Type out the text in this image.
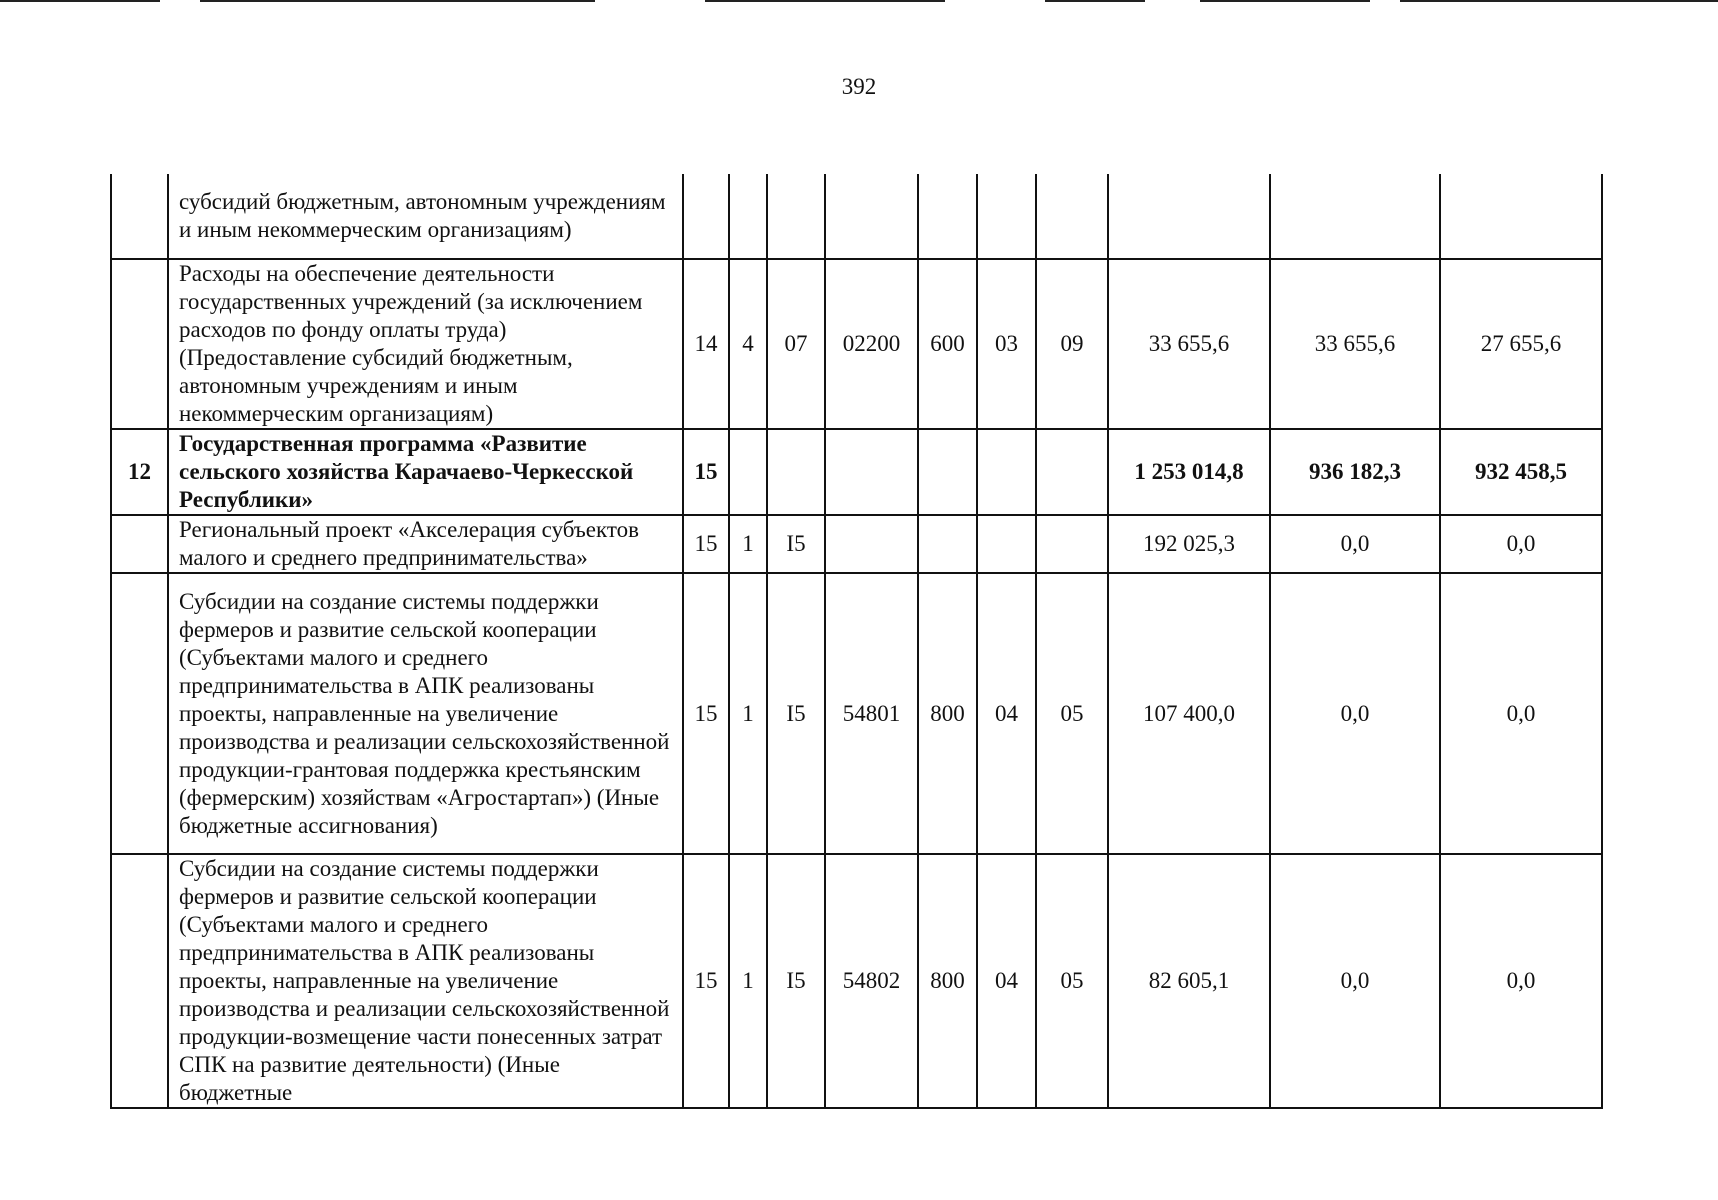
392
	субсидий бюджетным, автономным учреждениям и иным некоммерческим организациям)										
	Расходы на обеспечение деятельности государственных учреждений (за исключением расходов по фонду оплаты труда) (Предоставление субсидий бюджетным, автономным учреждениям и иным некоммерческим организациям)	14	4	07	02200	600	03	09	33 655,6	33 655,6	27 655,6
12	Государственная программа «Развитие сельского хозяйства Карачаево-Черкесской Республики»	15							1 253 014,8	936 182,3	932 458,5
	Региональный проект «Акселерация субъектов малого и среднего предпринимательства»	15	1	I5					192 025,3	0,0	0,0
	Субсидии на создание системы поддержки фермеров и развитие сельской кооперации (Субъектами малого и среднего предпринимательства в АПК реализованы проекты, направленные на увеличение производства и реализации сельскохозяйственной продукции-грантовая поддержка крестьянским (фермерским) хозяйствам «Агростартап») (Иные бюджетные ассигнования)	15	1	I5	54801	800	04	05	107 400,0	0,0	0,0
	Субсидии на создание системы поддержки фермеров и развитие сельской кооперации (Субъектами малого и среднего предпринимательства в АПК реализованы проекты, направленные на увеличение производства и реализации сельскохозяйственной продукции-возмещение части понесенных затрат СПК на развитие деятельности) (Иные бюджетные	15	1	I5	54802	800	04	05	82 605,1	0,0	0,0
